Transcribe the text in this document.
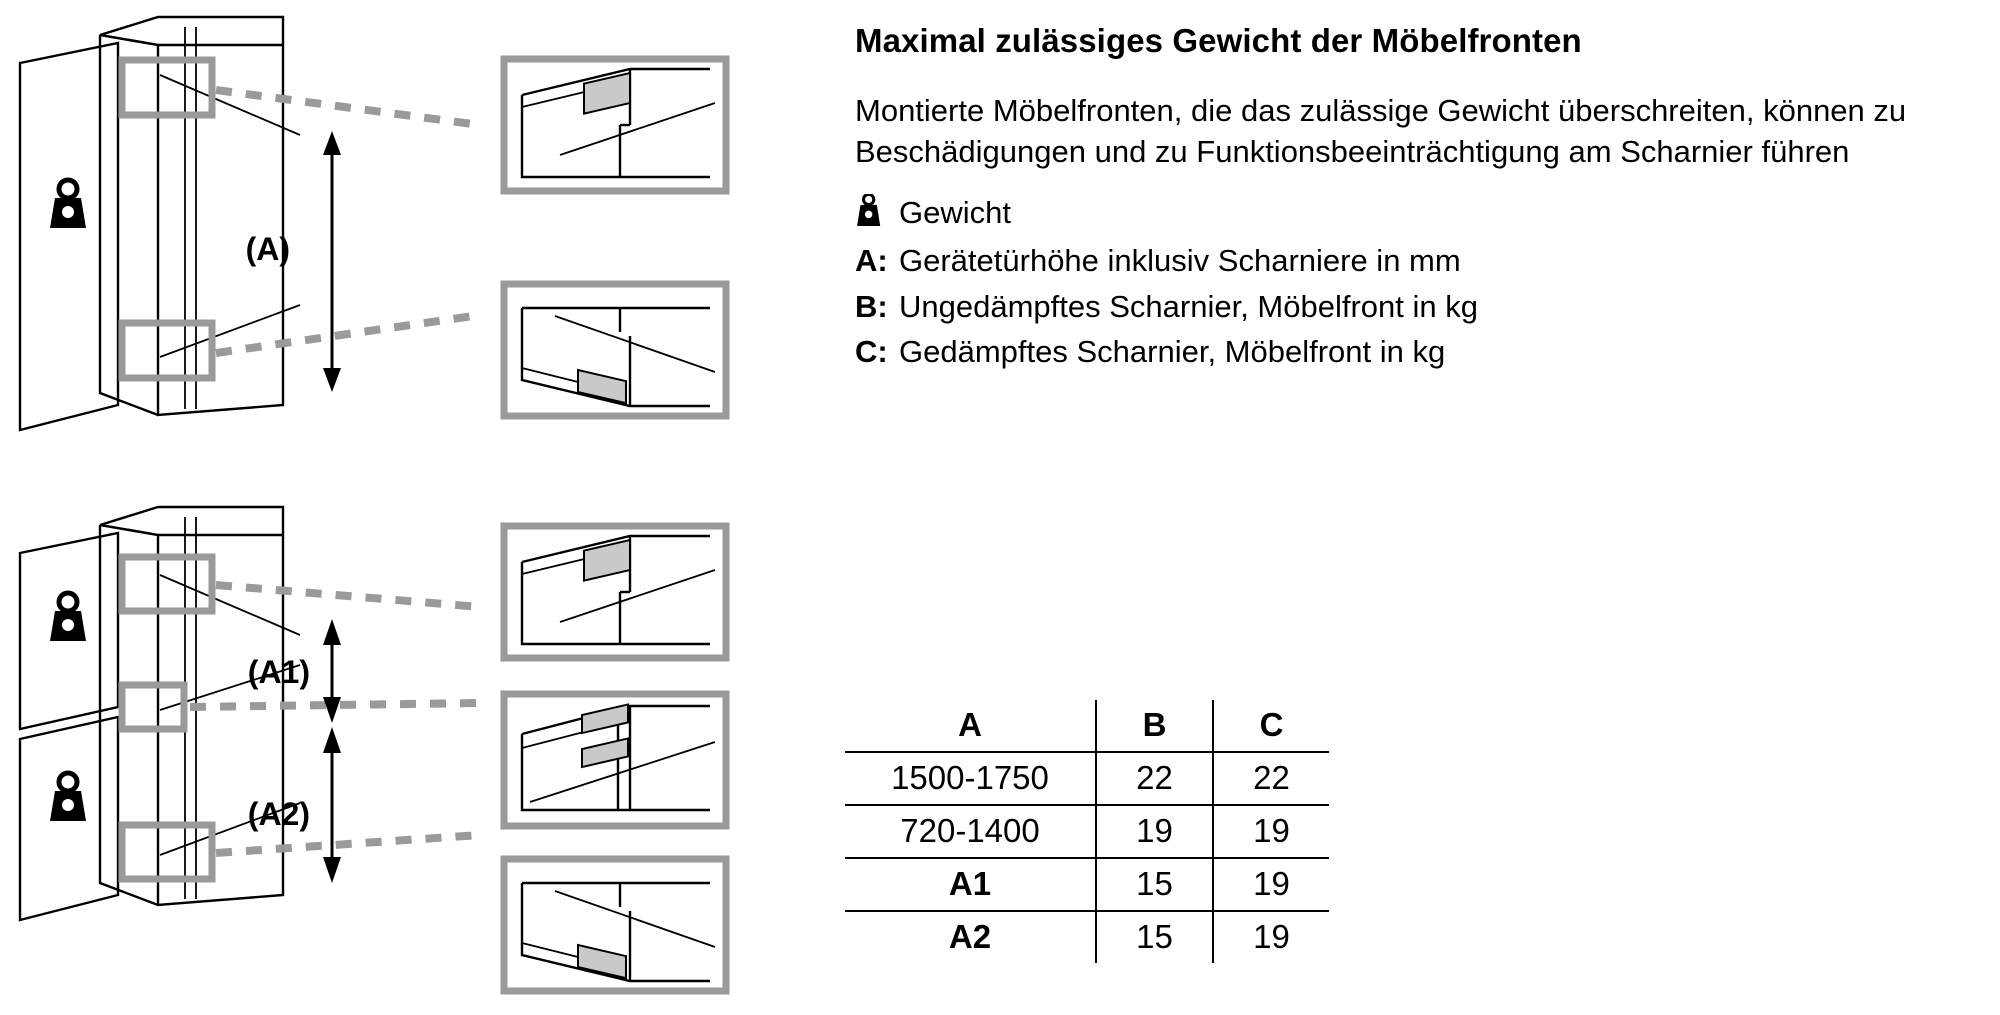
(A)
(A1)
(A2)
Maximal zulässiges Gewicht der Möbelfronten

Montierte Möbelfronten, die das zulässige Gewicht überschreiten, können zu Beschädigungen und zu Funktionsbeeinträchtigung am Scharnier führen

Gewicht
A: Gerätetürhöhe inklusiv Scharniere in mm
B: Ungedämpftes Scharnier, Möbelfront in kg
C: Gedämpftes Scharnier, Möbelfront in kg
A	B	C
1500-1750	22	22
720-1400	19	19
A1	15	19
A2	15	19
